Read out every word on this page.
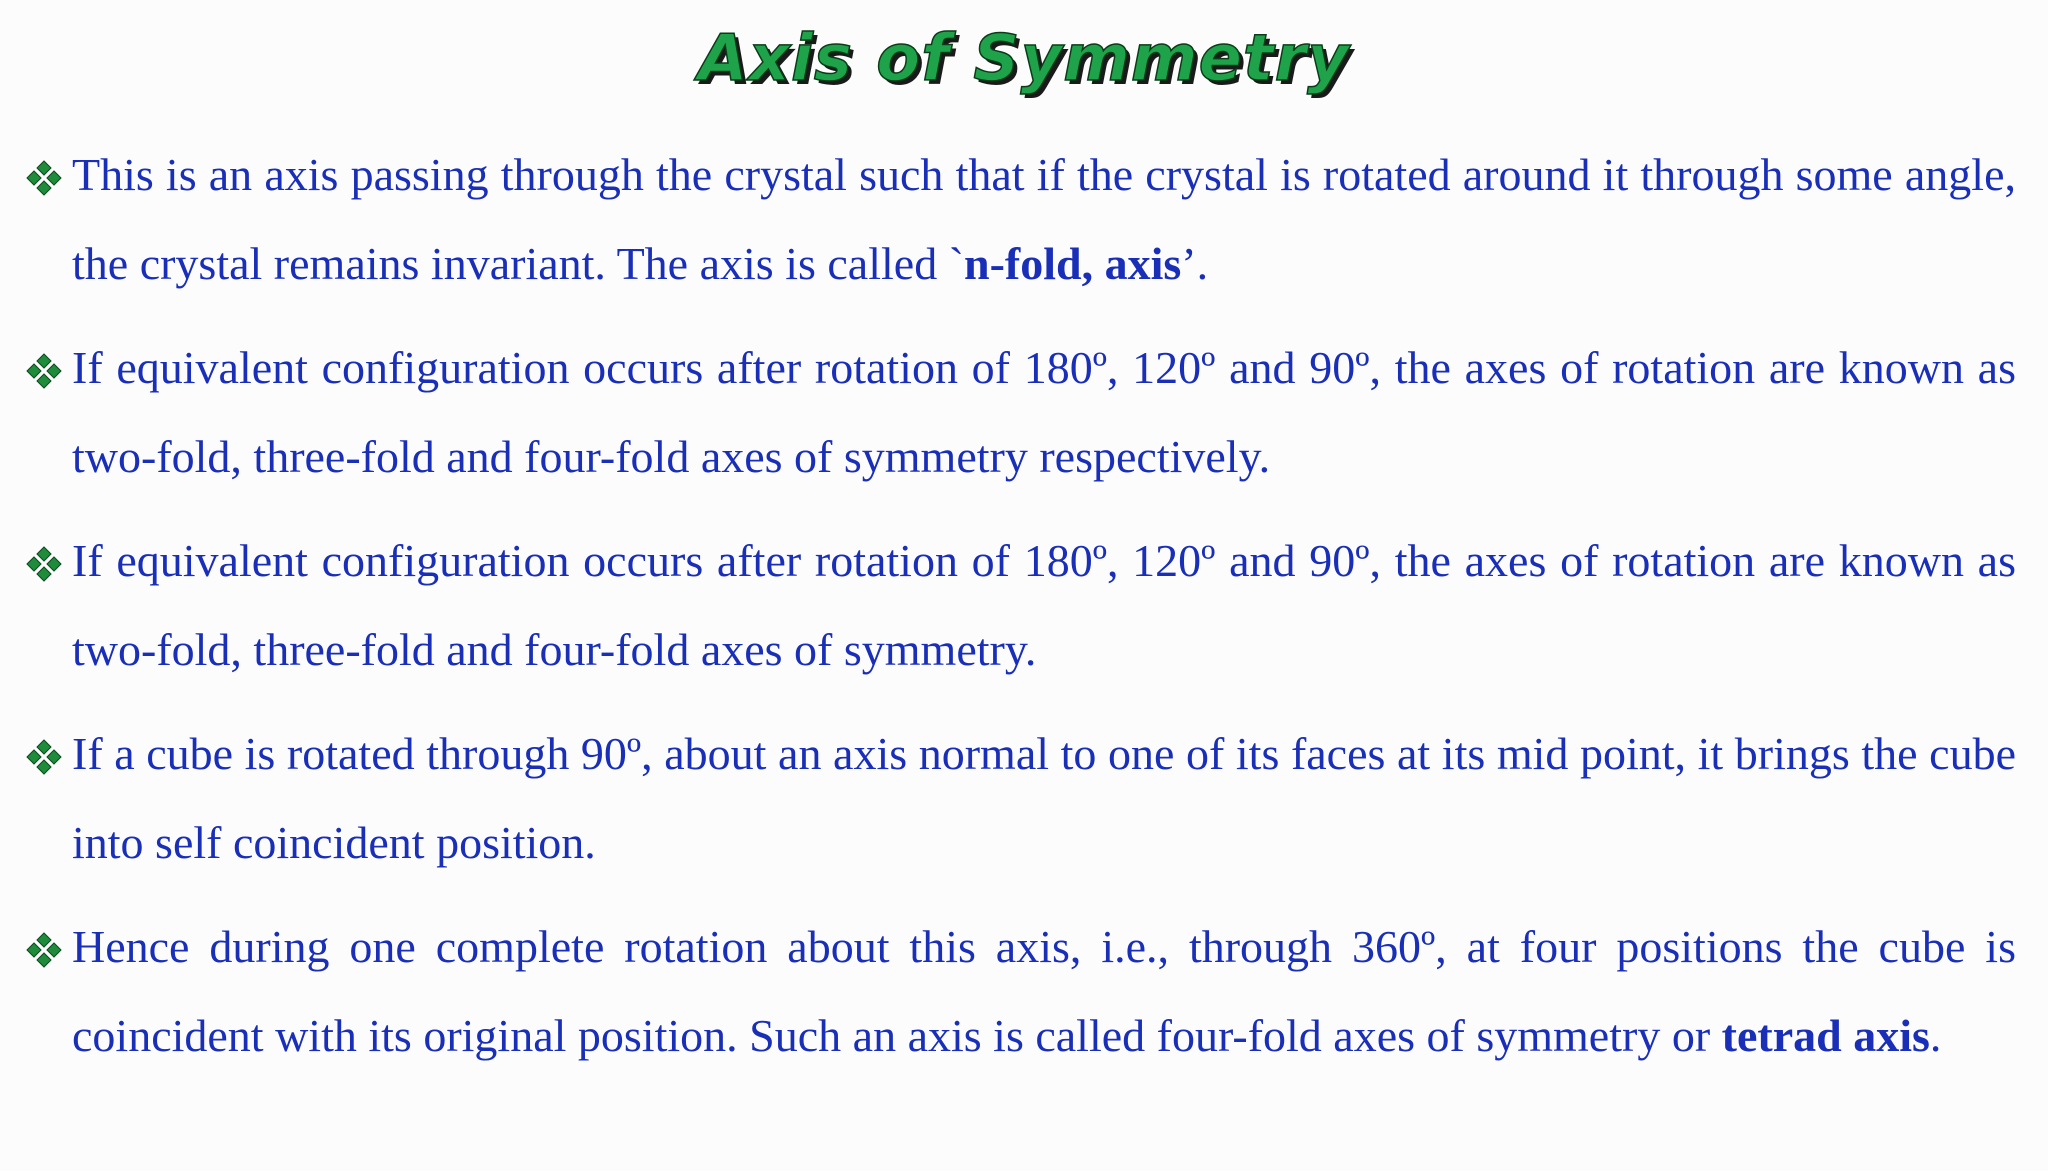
Axis of Symmetry
This is an axis passing through the crystal such that if the crystal is rotated around it through some angle, the crystal remains invariant. The axis is called `n-fold, axis’.
If equivalent configuration occurs after rotation of 180º, 120º and 90º, the axes of rotation are known as two-fold, three-fold and four-fold axes of symmetry respectively.
If equivalent configuration occurs after rotation of 180º, 120º and 90º, the axes of rotation are known as two-fold, three-fold and four-fold axes of symmetry.
If a cube is rotated through 90º, about an axis normal to one of its faces at its mid point, it brings the cube into self coincident position.
Hence during one complete rotation about this axis, i.e., through 360º, at four positions the cube is coincident with its original position. Such an axis is called four-fold axes of symmetry or tetrad axis.
